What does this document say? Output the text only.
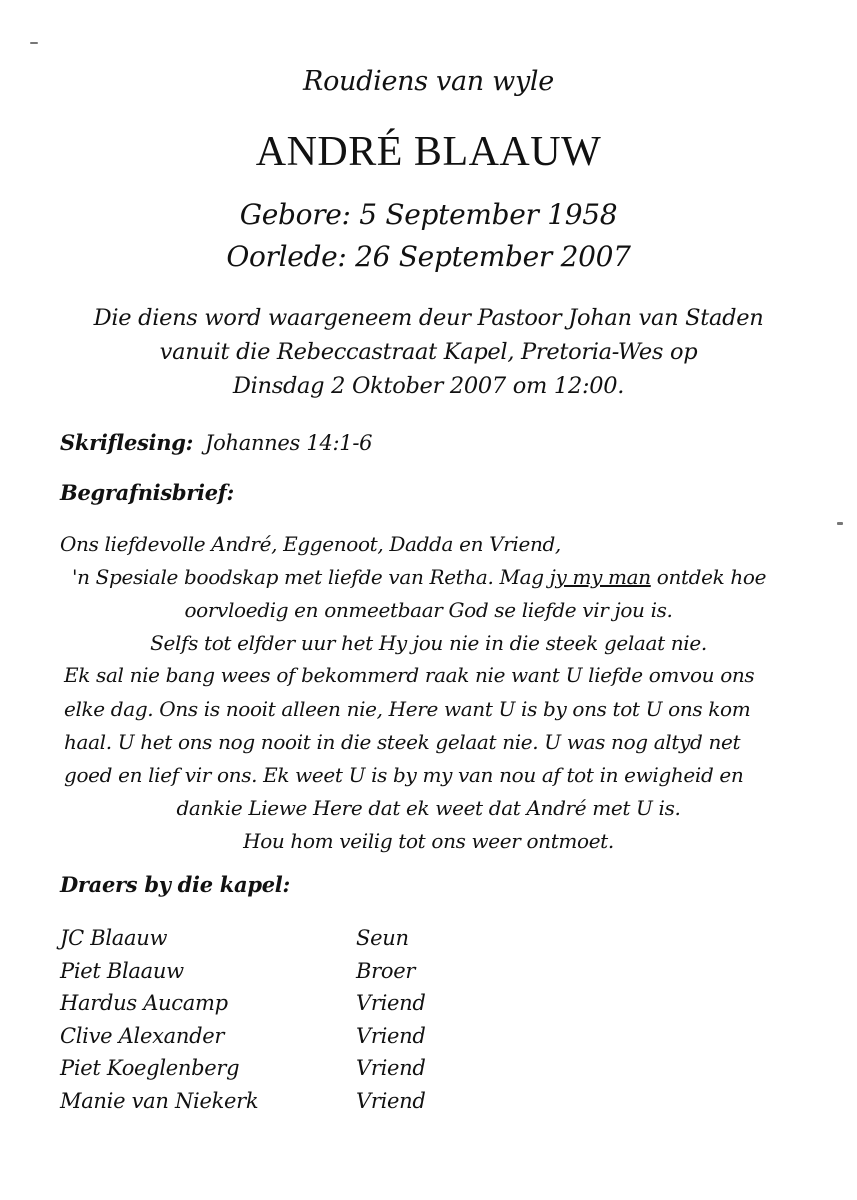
Roudiens van wyle
ANDRÉ BLAAUW
Gebore: 5 September 1958
Oorlede: 26 September 2007
Die diens word waargeneem deur Pastoor Johan van Staden
vanuit die Rebeccastraat Kapel, Pretoria-Wes op
Dinsdag 2 Oktober 2007 om 12:00.
Skriflesing: Johannes 14:1-6
Begrafnisbrief:
Ons liefdevolle André, Eggenoot, Dadda en Vriend,
'n Spesiale boodskap met liefde van Retha. Mag jy my man ontdek hoe
oorvloedig en onmeetbaar God se liefde vir jou is.
Selfs tot elfder uur het Hy jou nie in die steek gelaat nie.
Ek sal nie bang wees of bekommerd raak nie want U liefde omvou ons
elke dag. Ons is nooit alleen nie, Here want U is by ons tot U ons kom
haal. U het ons nog nooit in die steek gelaat nie. U was nog altyd net
goed en lief vir ons. Ek weet U is by my van nou af tot in ewigheid en
dankie Liewe Here dat ek weet dat André met U is.
Hou hom veilig tot ons weer ontmoet.
Draers by die kapel:
JC Blaauw	Seun
Piet Blaauw	Broer
Hardus Aucamp	Vriend
Clive Alexander	Vriend
Piet Koeglenberg	Vriend
Manie van Niekerk	Vriend
